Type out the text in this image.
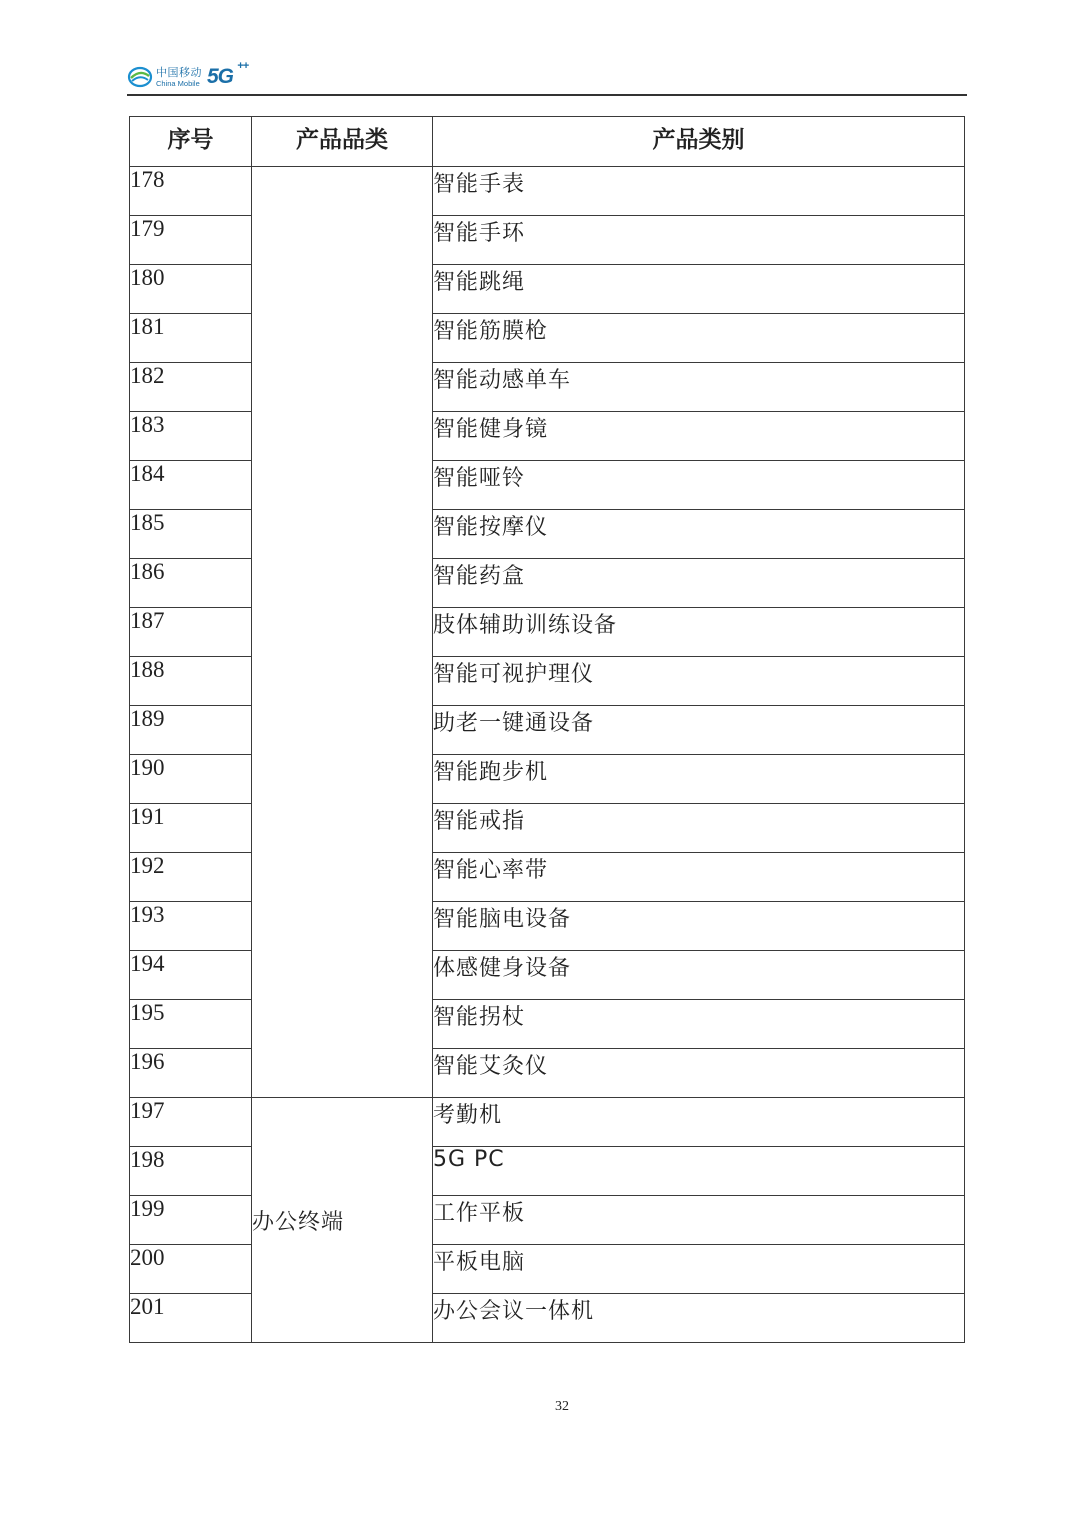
中国移动
China Mobile 5G ++
序号	产品品类	产品类别
178		智能手表
179		智能手环
180		智能跳绳
181		智能筋膜枪
182		智能动感单车
183		智能健身镜
184		智能哑铃
185		智能按摩仪
186		智能药盒
187		肢体辅助训练设备
188		智能可视护理仪
189		助老一键通设备
190		智能跑步机
191		智能戒指
192		智能心率带
193		智能脑电设备
194		体感健身设备
195		智能拐杖
196		智能艾灸仪
197	办公终端	考勤机
198		5G PC
199		工作平板
200		平板电脑
201		办公会议一体机
32
